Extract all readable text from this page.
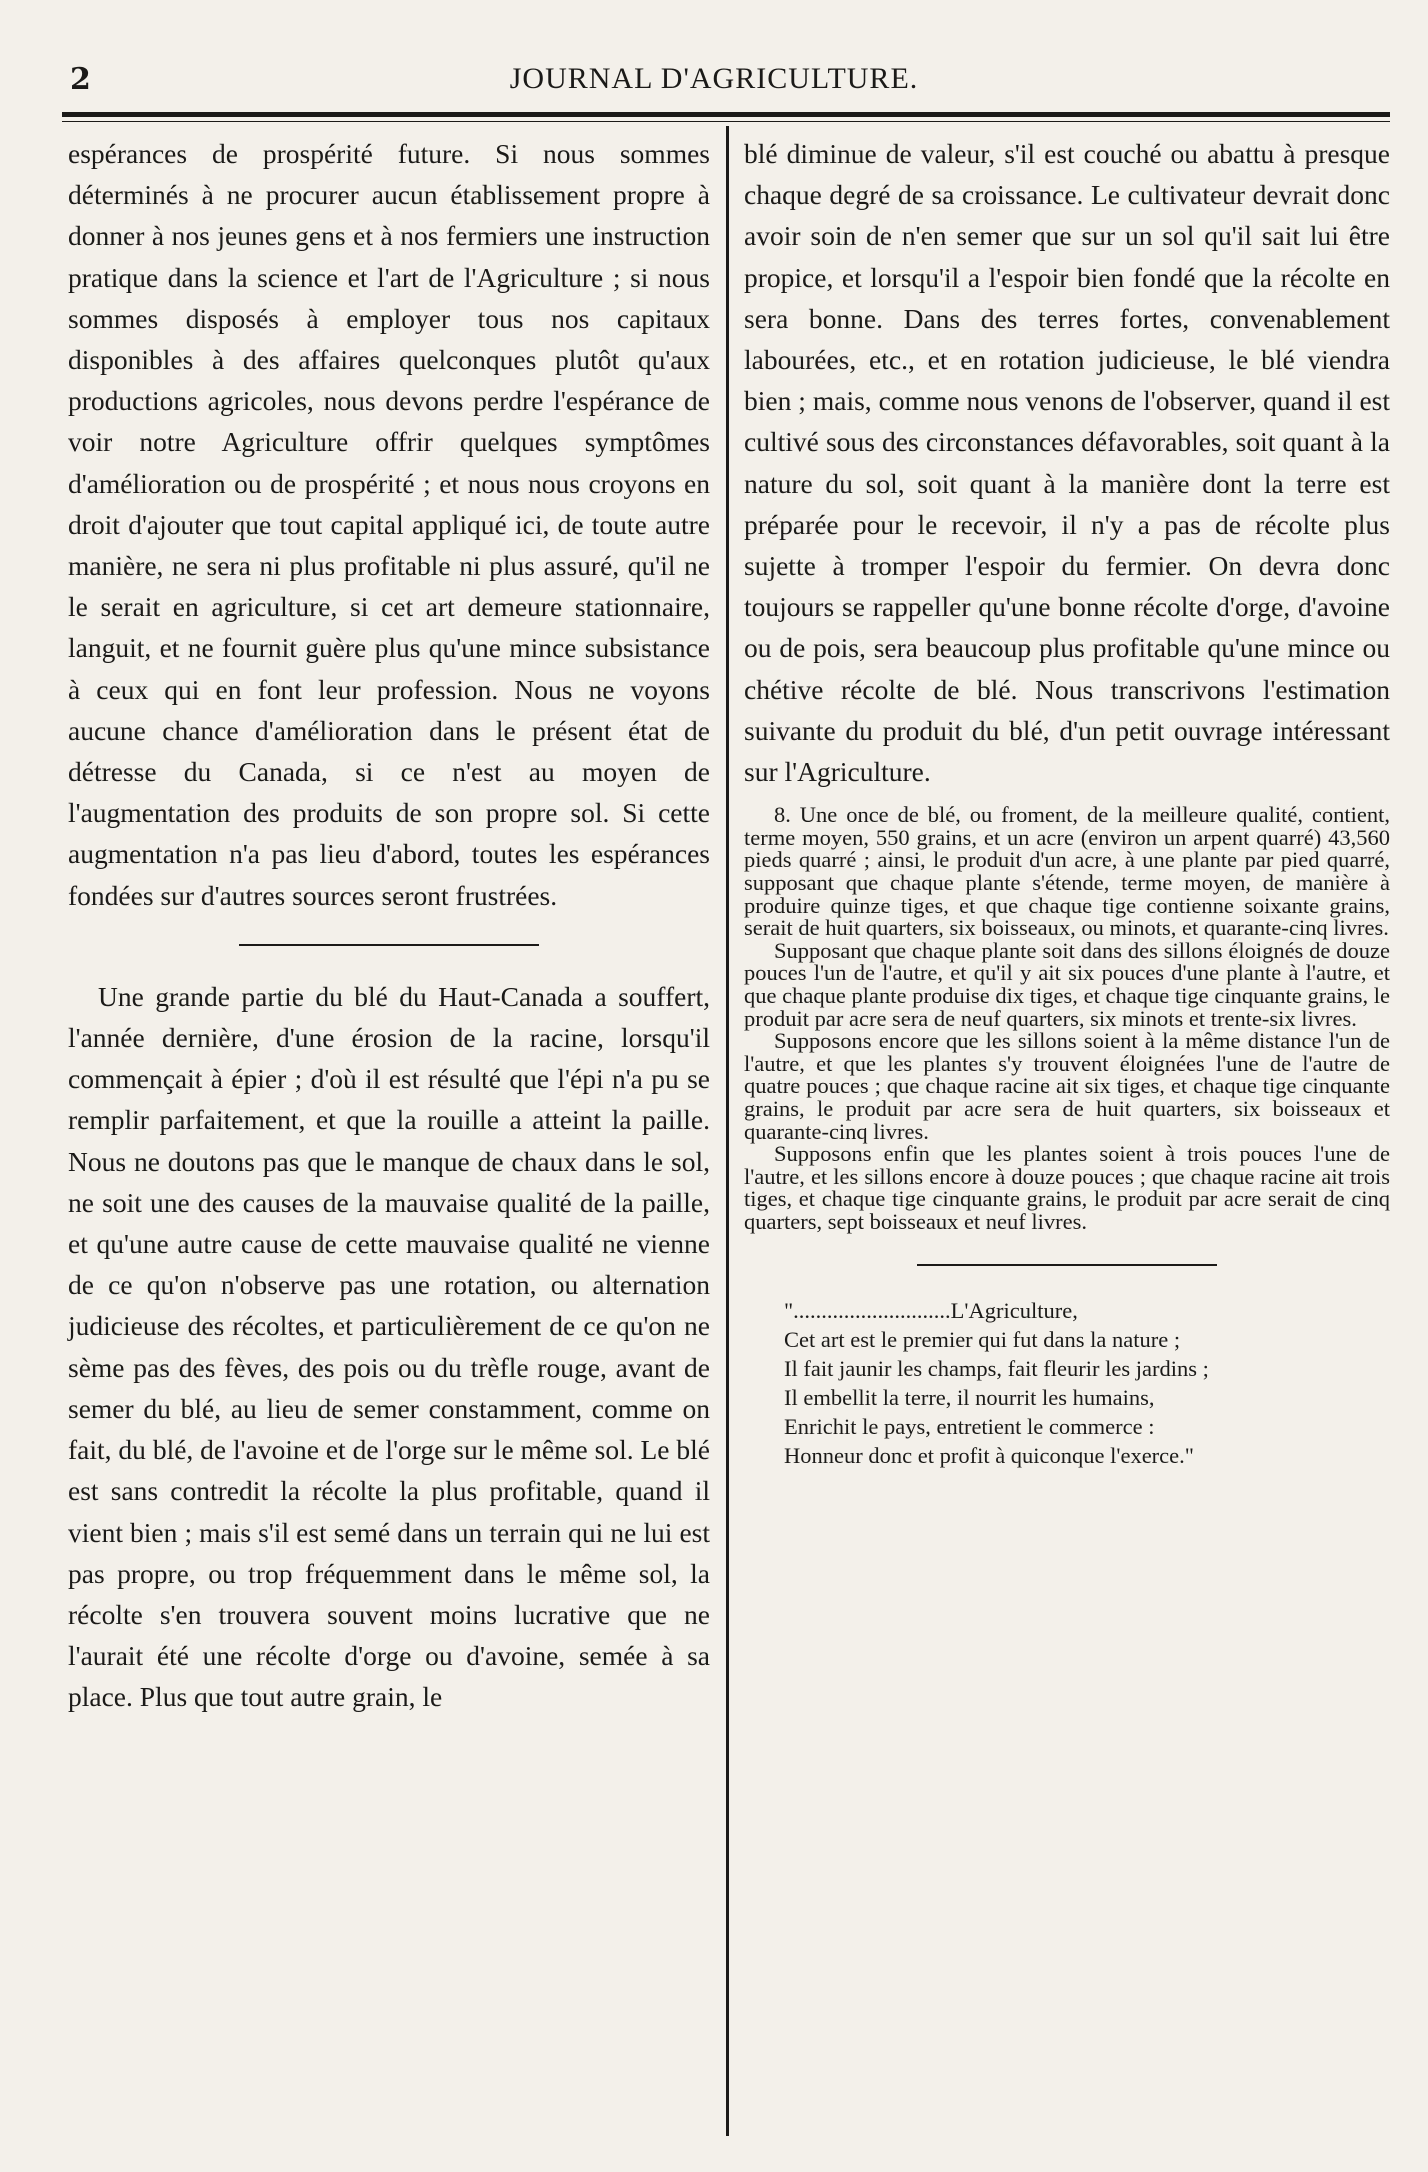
2	JOURNAL D'AGRICULTURE.

espérances de prospérité future. Si nous sommes déterminés à ne procurer aucun établissement propre à donner à nos jeunes gens et à nos fermiers une instruction pratique dans la science et l'art de l'Agriculture ; si nous sommes disposés à employer tous nos capitaux disponibles à des affaires quelconques plutôt qu'aux productions agricoles, nous devons perdre l'espérance de voir notre Agriculture offrir quelques symptômes d'amélioration ou de prospérité ; et nous nous croyons en droit d'ajouter que tout capital appliqué ici, de toute autre manière, ne sera ni plus profitable ni plus assuré, qu'il ne le serait en agriculture, si cet art demeure stationnaire, languit, et ne fournit guère plus qu'une mince subsistance à ceux qui en font leur profession. Nous ne voyons aucune chance d'amélioration dans le présent état de détresse du Canada, si ce n'est au moyen de l'augmentation des produits de son propre sol. Si cette augmentation n'a pas lieu d'abord, toutes les espérances fondées sur d'autres sources seront frustrées.

Une grande partie du blé du Haut-Canada a souffert, l'année dernière, d'une érosion de la racine, lorsqu'il commençait à épier ; d'où il est résulté que l'épi n'a pu se remplir parfaitement, et que la rouille a atteint la paille. Nous ne doutons pas que le manque de chaux dans le sol, ne soit une des causes de la mauvaise qualité de la paille, et qu'une autre cause de cette mauvaise qualité ne vienne de ce qu'on n'observe pas une rotation, ou alternation judicieuse des récoltes, et particulièrement de ce qu'on ne sème pas des fèves, des pois ou du trèfle rouge, avant de semer du blé, au lieu de semer constamment, comme on fait, du blé, de l'avoine et de l'orge sur le même sol. Le blé est sans contredit la récolte la plus profitable, quand il vient bien ; mais s'il est semé dans un terrain qui ne lui est pas propre, ou trop fréquemment dans le même sol, la récolte s'en trouvera souvent moins lucrative que ne l'aurait été une récolte d'orge ou d'avoine, semée à sa place. Plus que tout autre grain, le

blé diminue de valeur, s'il est couché ou abattu à presque chaque degré de sa croissance. Le cultivateur devrait donc avoir soin de n'en semer que sur un sol qu'il sait lui être propice, et lorsqu'il a l'espoir bien fondé que la récolte en sera bonne. Dans des terres fortes, convenablement labourées, etc., et en rotation judicieuse, le blé viendra bien ; mais, comme nous venons de l'observer, quand il est cultivé sous des circonstances défavorables, soit quant à la nature du sol, soit quant à la manière dont la terre est préparée pour le recevoir, il n'y a pas de récolte plus sujette à tromper l'espoir du fermier. On devra donc toujours se rappeller qu'une bonne récolte d'orge, d'avoine ou de pois, sera beaucoup plus profitable qu'une mince ou chétive récolte de blé. Nous transcrivons l'estimation suivante du produit du blé, d'un petit ouvrage intéressant sur l'Agriculture.

8. Une once de blé, ou froment, de la meilleure qualité, contient, terme moyen, 550 grains, et un acre (environ un arpent quarré) 43,560 pieds quarré ; ainsi, le produit d'un acre, à une plante par pied quarré, supposant que chaque plante s'étende, terme moyen, de manière à produire quinze tiges, et que chaque tige contienne soixante grains, serait de huit quarters, six boisseaux, ou minots, et quarante-cinq livres.

Supposant que chaque plante soit dans des sillons éloignés de douze pouces l'un de l'autre, et qu'il y ait six pouces d'une plante à l'autre, et que chaque plante produise dix tiges, et chaque tige cinquante grains, le produit par acre sera de neuf quarters, six minots et trente-six livres.

Supposons encore que les sillons soient à la même distance l'un de l'autre, et que les plantes s'y trouvent éloignées l'une de l'autre de quatre pouces ; que chaque racine ait six tiges, et chaque tige cinquante grains, le produit par acre sera de huit quarters, six boisseaux et quarante-cinq livres.

Supposons enfin que les plantes soient à trois pouces l'une de l'autre, et les sillons encore à douze pouces ; que chaque racine ait trois tiges, et chaque tige cinquante grains, le produit par acre serait de cinq quarters, sept boisseaux et neuf livres.

"............................L'Agriculture,
Cet art est le premier qui fut dans la nature ;
Il fait jaunir les champs, fait fleurir les jardins ;
Il embellit la terre, il nourrit les humains,
Enrichit le pays, entretient le commerce :
Honneur donc et profit à quiconque l'exerce."
